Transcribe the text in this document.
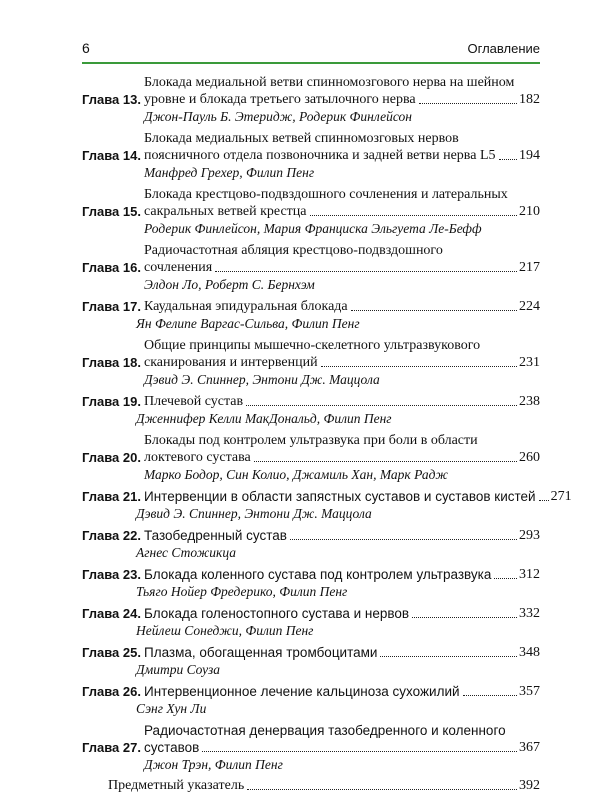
6	Оглавление
Глава 13.
Блокада медиальной ветви спинномозгового нерва на шейном
уровне и блокада третьего затылочного нерва	182
Джон-Пауль Б. Этеридж, Родерик Финлейсон
Глава 14.
Блокада медиальных ветвей спинномозговых нервов
поясничного отдела позвоночника и задней ветви нерва L5 194
Манфред Грехер, Филип Пенг
Глава 15.
Блокада крестцово-подвздошного сочленения и латеральных
сакральных ветвей крестца	210
Родерик Финлейсон, Мария Франциска Эльгуета Ле-Бефф
Глава 16.
Радиочастотная абляция крестцово-подвздошного
сочленения	217
Элдон Ло, Роберт С. Бернхэм
Глава 17. Каудальная эпидуральная блокада	224
Ян Фелипе Варгас-Сильва, Филип Пенг
Глава 18.
Общие принципы мышечно-скелетного ультразвукового
сканирования и интервенций	231
Дэвид Э. Спиннер, Энтони Дж. Маццола
Глава 19. Плечевой сустав	238
Дженнифер Келли МакДональд, Филип Пенг
Глава 20.
Блокады под контролем ультразвука при боли в области
локтевого сустава	260
Марко Бодор, Син Колио, Джамиль Хан, Марк Радж
Глава 21. Интервенции в области запястных суставов и суставов кистей 271
Дэвид Э. Спиннер, Энтони Дж. Маццола
Глава 22. Тазобедренный сустав	293
Агнес Стожикца
Глава 23. Блокада коленного сустава под контролем ультразвука 312
Тьяго Нойер Фредерико, Филип Пенг
Глава 24. Блокада голеностопного сустава и нервов	332
Нейлеш Сонеджи, Филип Пенг
Глава 25. Плазма, обогащенная тромбоцитами	348
Дмитри Соуза
Глава 26. Интервенционное лечение кальциноза сухожилий	357
Сэнг Хун Ли
Глава 27.
Радиочастотная денервация тазобедренного и коленного
суставов	367
Джон Трэн, Филип Пенг
Предметный указатель	392
